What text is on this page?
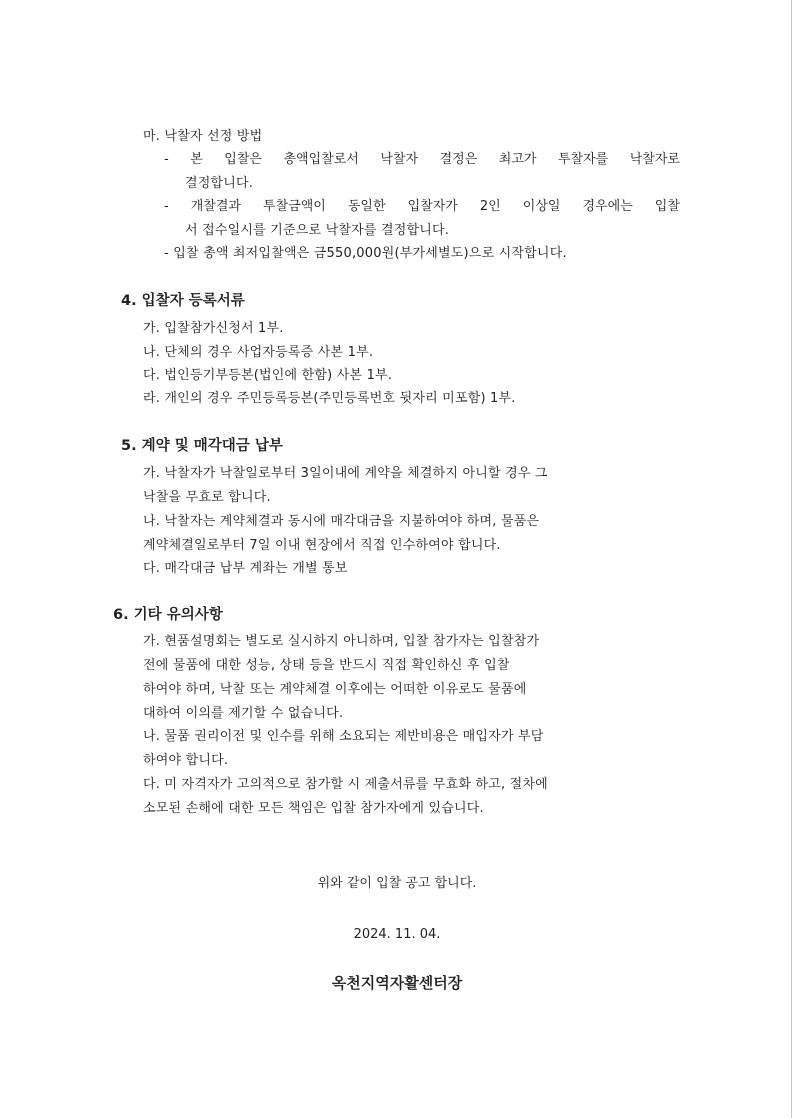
마. 낙찰자 선정 방법
- 본 입찰은 총액입찰로서 낙찰자 결정은 최고가 투찰자를 낙찰자로
결정합니다.
- 개찰결과 투찰금액이 동일한 입찰자가 2인 이상일 경우에는 입찰
서 접수일시를 기준으로 낙찰자를 결정합니다.
- 입찰 총액 최저입찰액은 금550,000원(부가세별도)으로 시작합니다.
4. 입찰자 등록서류
가. 입찰참가신청서 1부.
나. 단체의 경우 사업자등록증 사본 1부.
다. 법인등기부등본(법인에 한함) 사본 1부.
라. 개인의 경우 주민등록등본(주민등록번호 뒷자리 미포함) 1부.
5. 계약 및 매각대금 납부
가. 낙찰자가 낙찰일로부터 3일이내에 계약을 체결하지 아니할 경우 그
낙찰을 무효로 합니다.
나. 낙찰자는 계약체결과 동시에 매각대금을 지불하여야 하며, 물품은
계약체결일로부터 7일 이내 현장에서 직접 인수하여야 합니다.
다. 매각대금 납부 계좌는 개별 통보
6. 기타 유의사항
가. 현품설명회는 별도로 실시하지 아니하며, 입찰 참가자는 입찰참가
전에 물품에 대한 성능, 상태 등을 반드시 직접 확인하신 후 입찰
하여야 하며, 낙찰 또는 계약체결 이후에는 어떠한 이유로도 물품에
대하여 이의를 제기할 수 없습니다.
나. 물품 권리이전 및 인수를 위해 소요되는 제반비용은 매입자가 부담
하여야 합니다.
다. 미 자격자가 고의적으로 참가할 시 제출서류를 무효화 하고, 절차에
소모된 손해에 대한 모든 책임은 입찰 참가자에게 있습니다.
위와 같이 입찰 공고 합니다.
2024. 11. 04.
옥천지역자활센터장
